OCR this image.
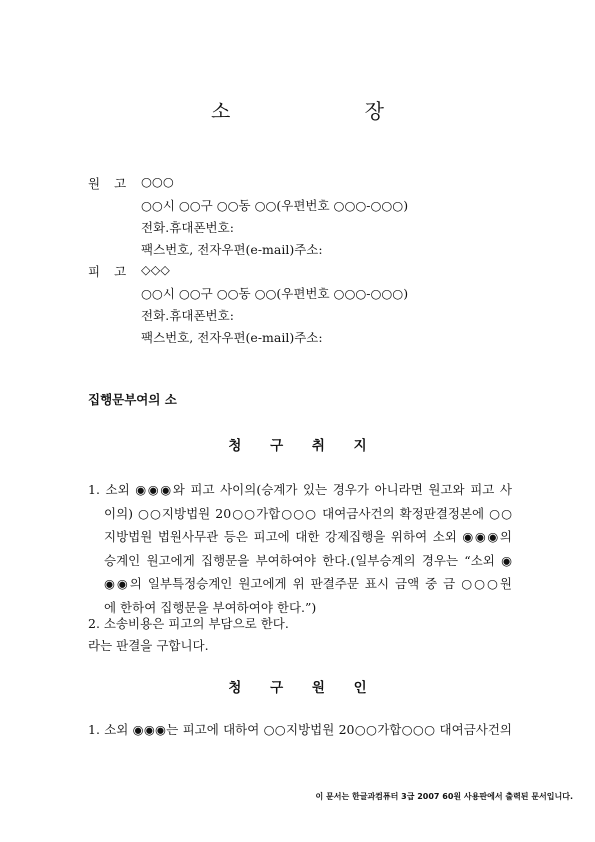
소 장
원고 ○○○
○○시 ○○구 ○○동 ○○(우편번호 ○○○-○○○)
전화․휴대폰번호:
팩스번호, 전자우편(e-mail)주소:
피고 ◇◇◇
○○시 ○○구 ○○동 ○○(우편번호 ○○○-○○○)
전화․휴대폰번호:
팩스번호, 전자우편(e-mail)주소:
집행문부여의 소
청 구 취 지
1. 소외 ◉◉◉와 피고 사이의(승계가 있는 경우가 아니라면 원고와 피고 사
이의) ○○지방법원 20○○가합○○○ 대여금사건의 확정판결정본에 ○○
지방법원 법원사무관 등은 피고에 대한 강제집행을 위하여 소외 ◉◉◉의
승계인 원고에게 집행문을 부여하여야 한다.(일부승계의 경우는 “소외 ◉
◉◉의 일부특정승계인 원고에게 위 판결주문 표시 금액 중 금 ○○○원
에 한하여 집행문을 부여하여야 한다.”)
2. 소송비용은 피고의 부담으로 한다.
라는 판결을 구합니다.
청 구 원 인
1. 소외 ◉◉◉는 피고에 대하여 ○○지방법원 20○○가합○○○ 대여금사건의
이 문서는 한글과컴퓨터 3급 2007 60원 사용판에서 출력된 문서입니다.
